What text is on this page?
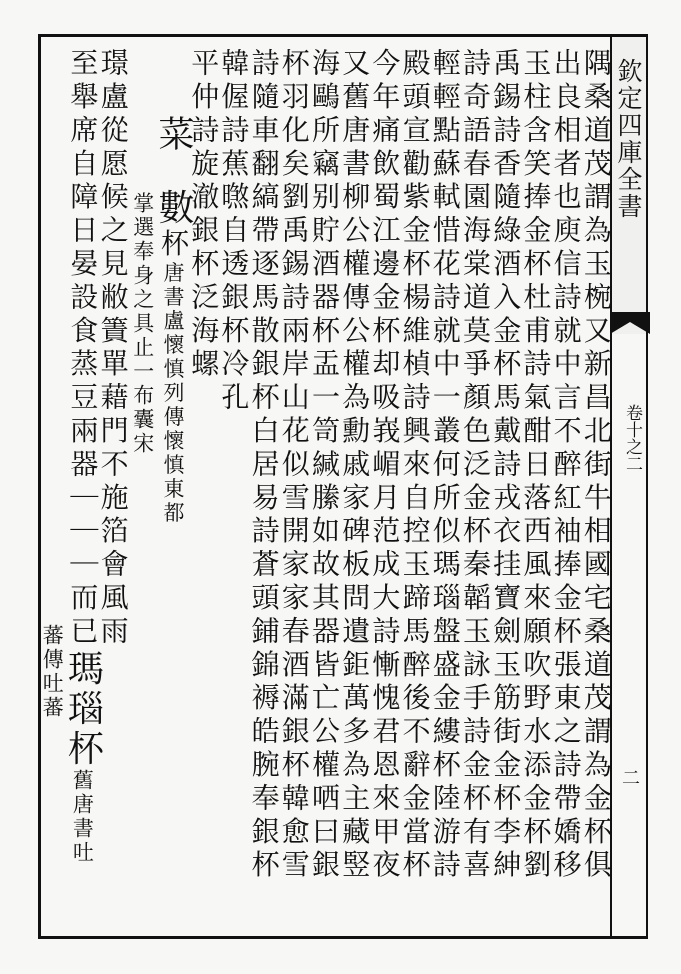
欽定四庫全書
卷十之二
二
隅桑道茂謂為玉椀又新昌北街牛相國宅桑道茂謂為金杯俱
出良相者也庾信詩就中言不醉紅袖捧金杯張東之詩帶嬌移
玉柱含笑捧金杯杜甫詩氣酣日落西風來願吹野水添金杯劉
禹錫詩香隨綠酒入金杯馬戴詩戎衣挂寶劍玉筋街金杯李紳
詩奇語春園海棠道莫爭顏色泛金杯秦韜玉詠手詩金杯有喜
輕輕點蘇軾惜花詩就中一叢何所似瑪瑙盤盛金縷杯陸游詩
殿頭宣勸紫金杯楊維楨詩興來自控玉蹄馬醉後不辭金當杯
今年痛飲蜀江邊金杯却吸峩嵋月范成大詩慚愧君恩來甲夜
又舊唐書柳公權傳公權為勳戚家碑板問遺鉅萬多為主藏竪
海鷗所竊别貯酒器杯盂一笥緘縢如故其器皆亡公權哂曰銀
杯羽化矣劉禹錫詩兩岸山花似雪開家家春酒滿銀杯韓愈雪
詩隨車翻縞帶逐馬散銀杯白居易詩蒼頭鋪錦褥皓腕奉銀杯
韓偓詩蕉㬠自透銀杯冷孔
平仲詩旋澈銀杯泛海螺
　　菜　數杯唐書盧懷慎列傳懷慎東都
　　　　　　掌選奉身之具止一布囊宋
璟盧從愿候之見敝簀單藉門不施箔會風雨
至舉席自障日晏設食蒸豆兩器｜｜｜而已瑪瑙杯舊唐書吐
　　　　　　　　　　　　　　　　　　　　　　　　蕃傳吐蕃
